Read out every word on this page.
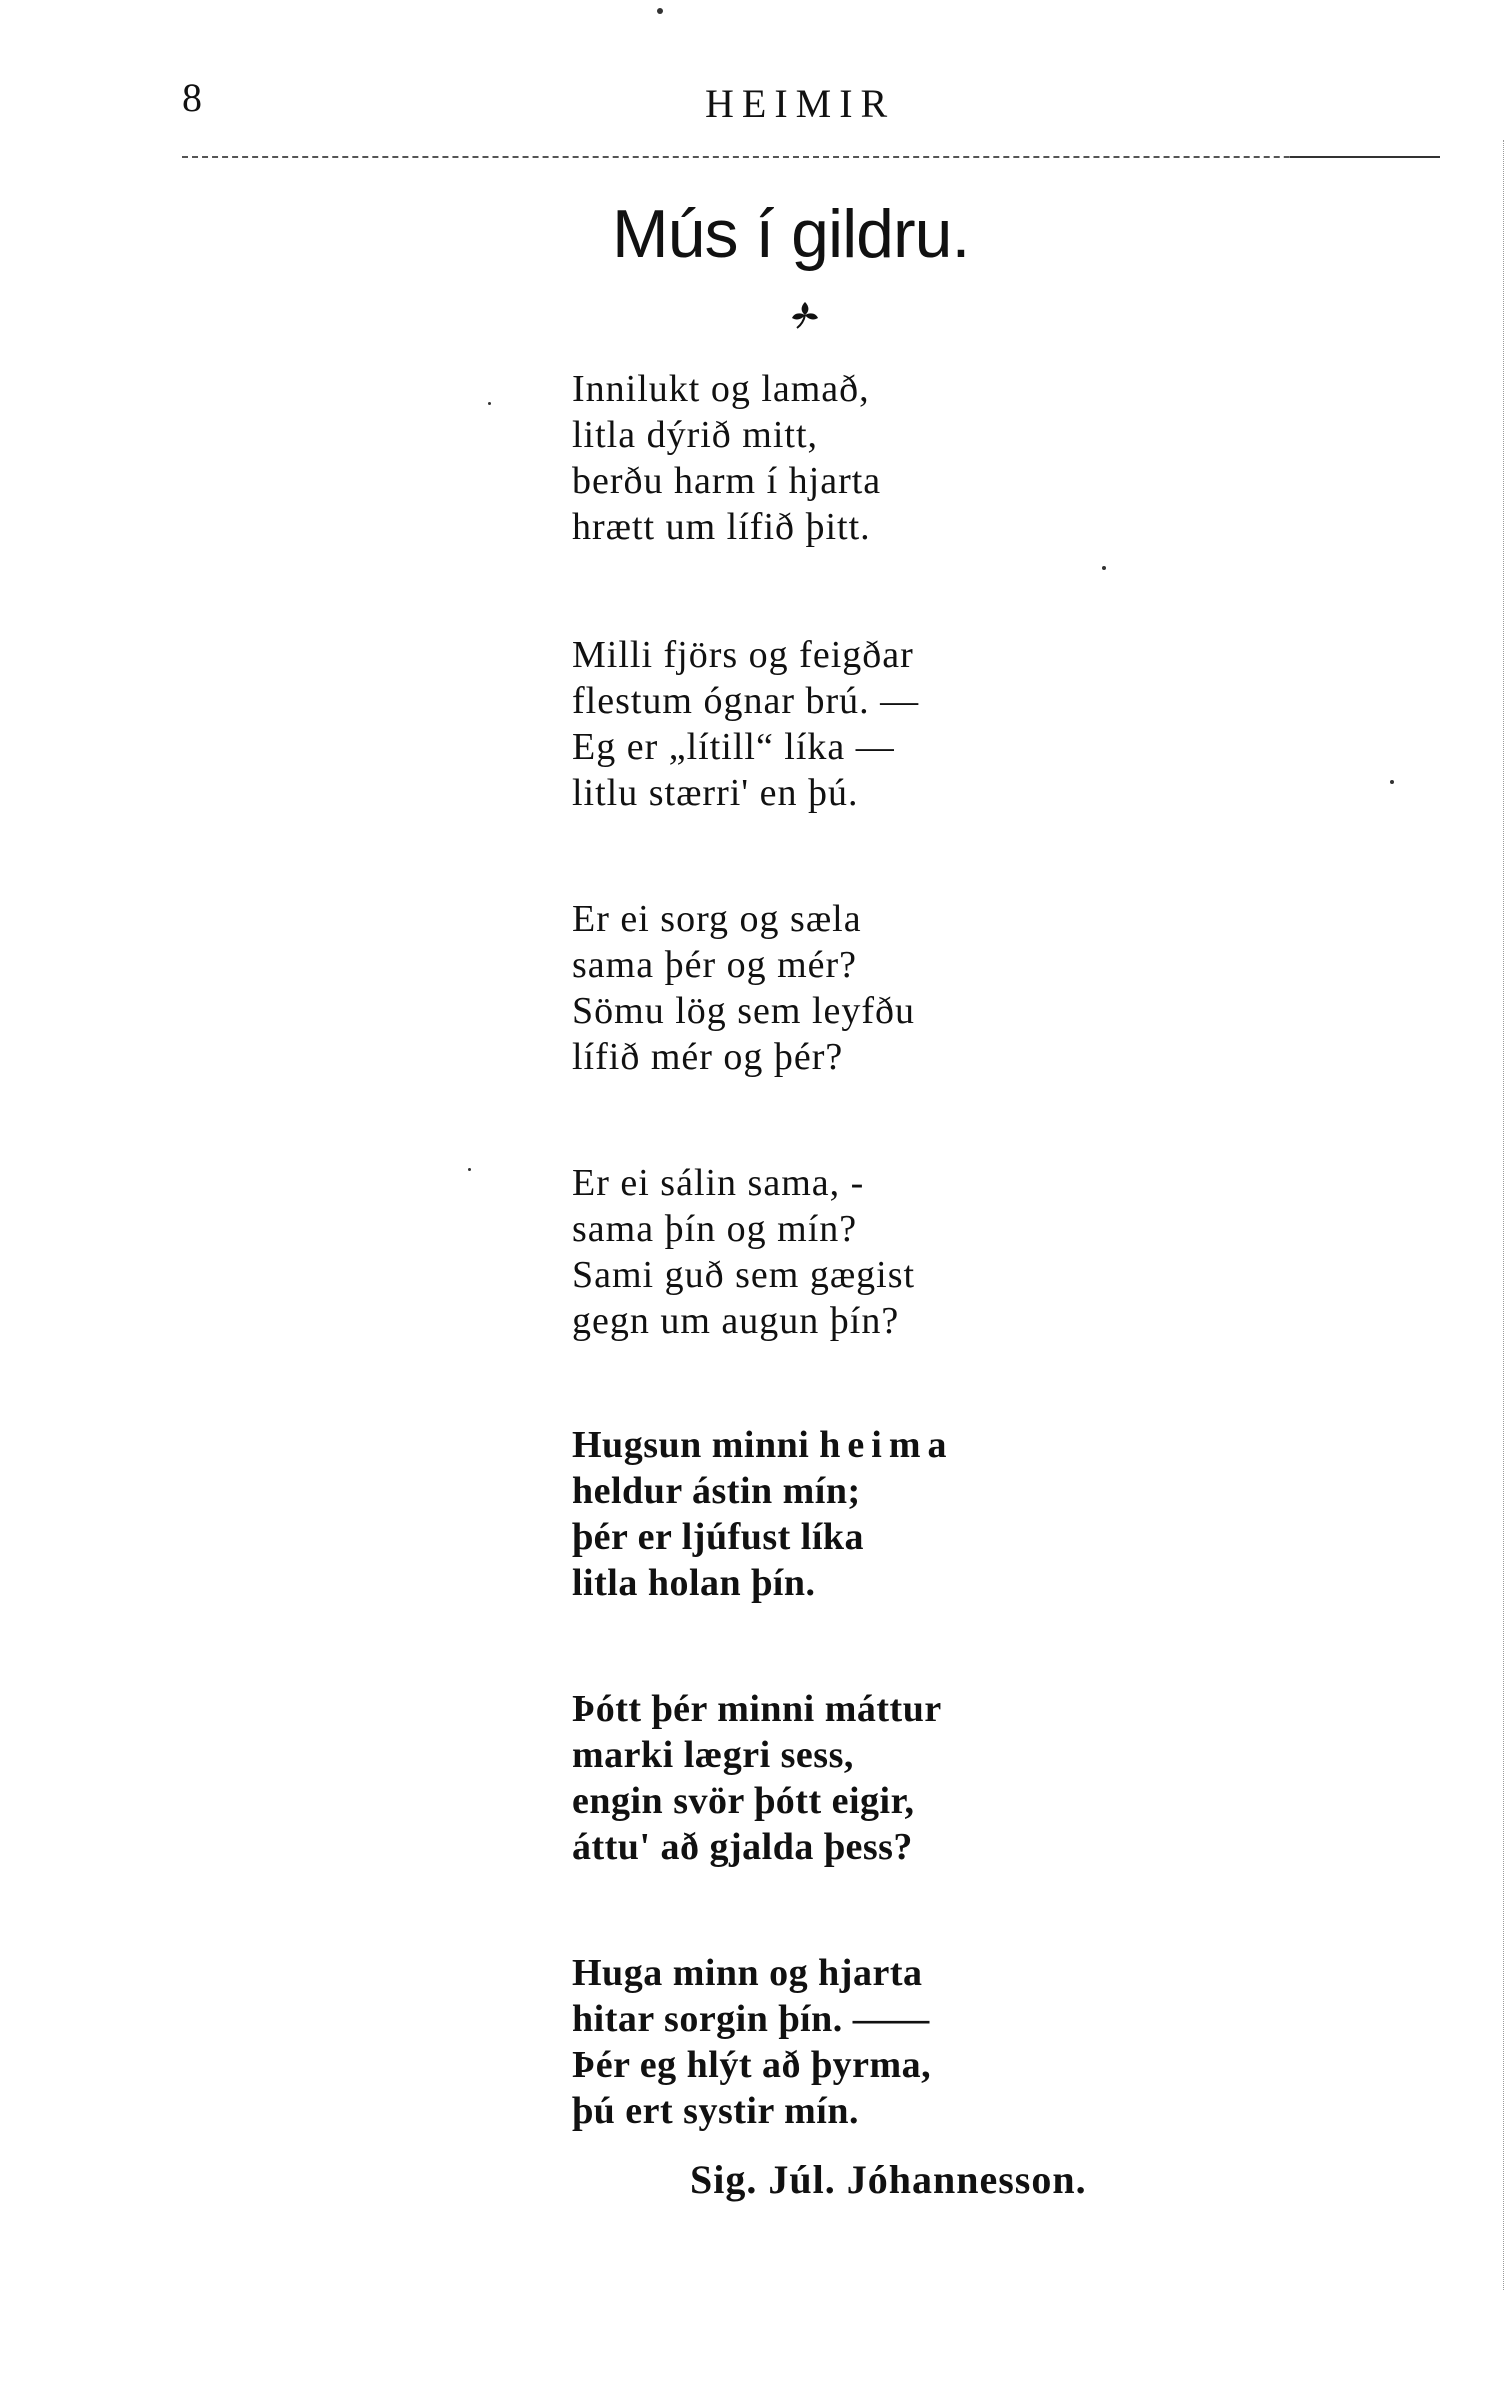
8	HEIMIR
Mús í gildru.
Innilukt og lamað,
litla dýrið mitt,
berðu harm í hjarta
hrætt um lífið þitt.
Milli fjörs og feigðar
flestum ógnar brú. —
Eg er „lítill“ líka —
litlu stærri' en þú.
Er ei sorg og sæla
sama þér og mér?
Sömu lög sem leyfðu
lífið mér og þér?
Er ei sálin sama, -
sama þín og mín?
Sami guð sem gægist
gegn um augun þín?
Hugsun minni heima
heldur ástin mín;
þér er ljúfust líka
litla holan þín.
Þótt þér minni máttur
marki lægri sess,
engin svör þótt eigir,
áttu' að gjalda þess?
Huga minn og hjarta
hitar sorgin þín. ——
Þér eg hlýt að þyrma,
þú ert systir mín.
Sig. Júl. Jóhannesson.
